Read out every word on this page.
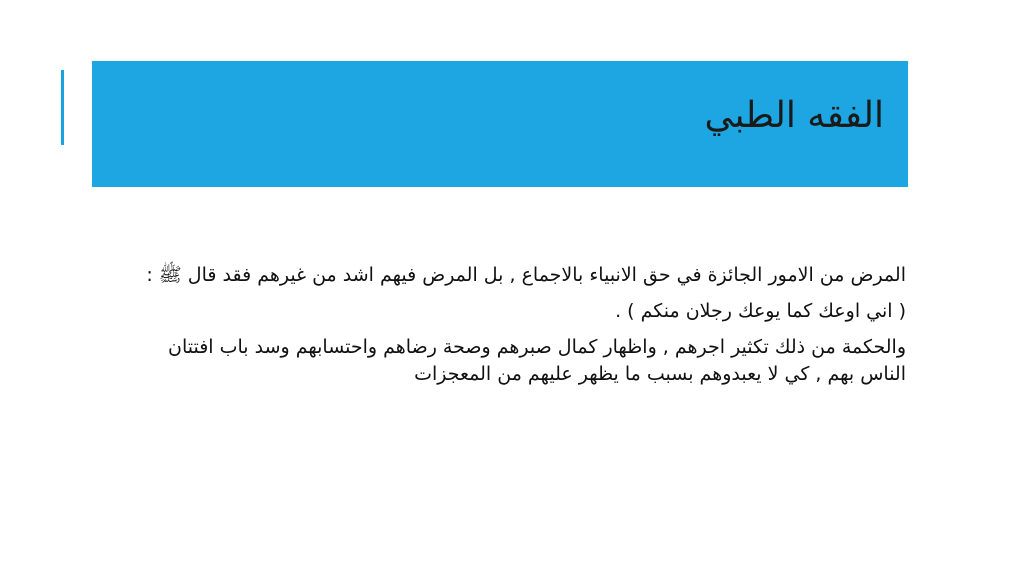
الفقه الطبي

المرض من الامور الجائزة في حق الانبياء بالاجماع , بل المرض فيهم اشد من غيرهم فقد قال ﷺ :

( اني اوعك كما يوعك رجلان منكم ) .

والحكمة من ذلك تكثير اجرهم , واظهار كمال صبرهم وصحة رضاهم واحتسابهم وسد باب افتتان الناس بهم , كي لا يعبدوهم بسبب ما يظهر عليهم من المعجزات
